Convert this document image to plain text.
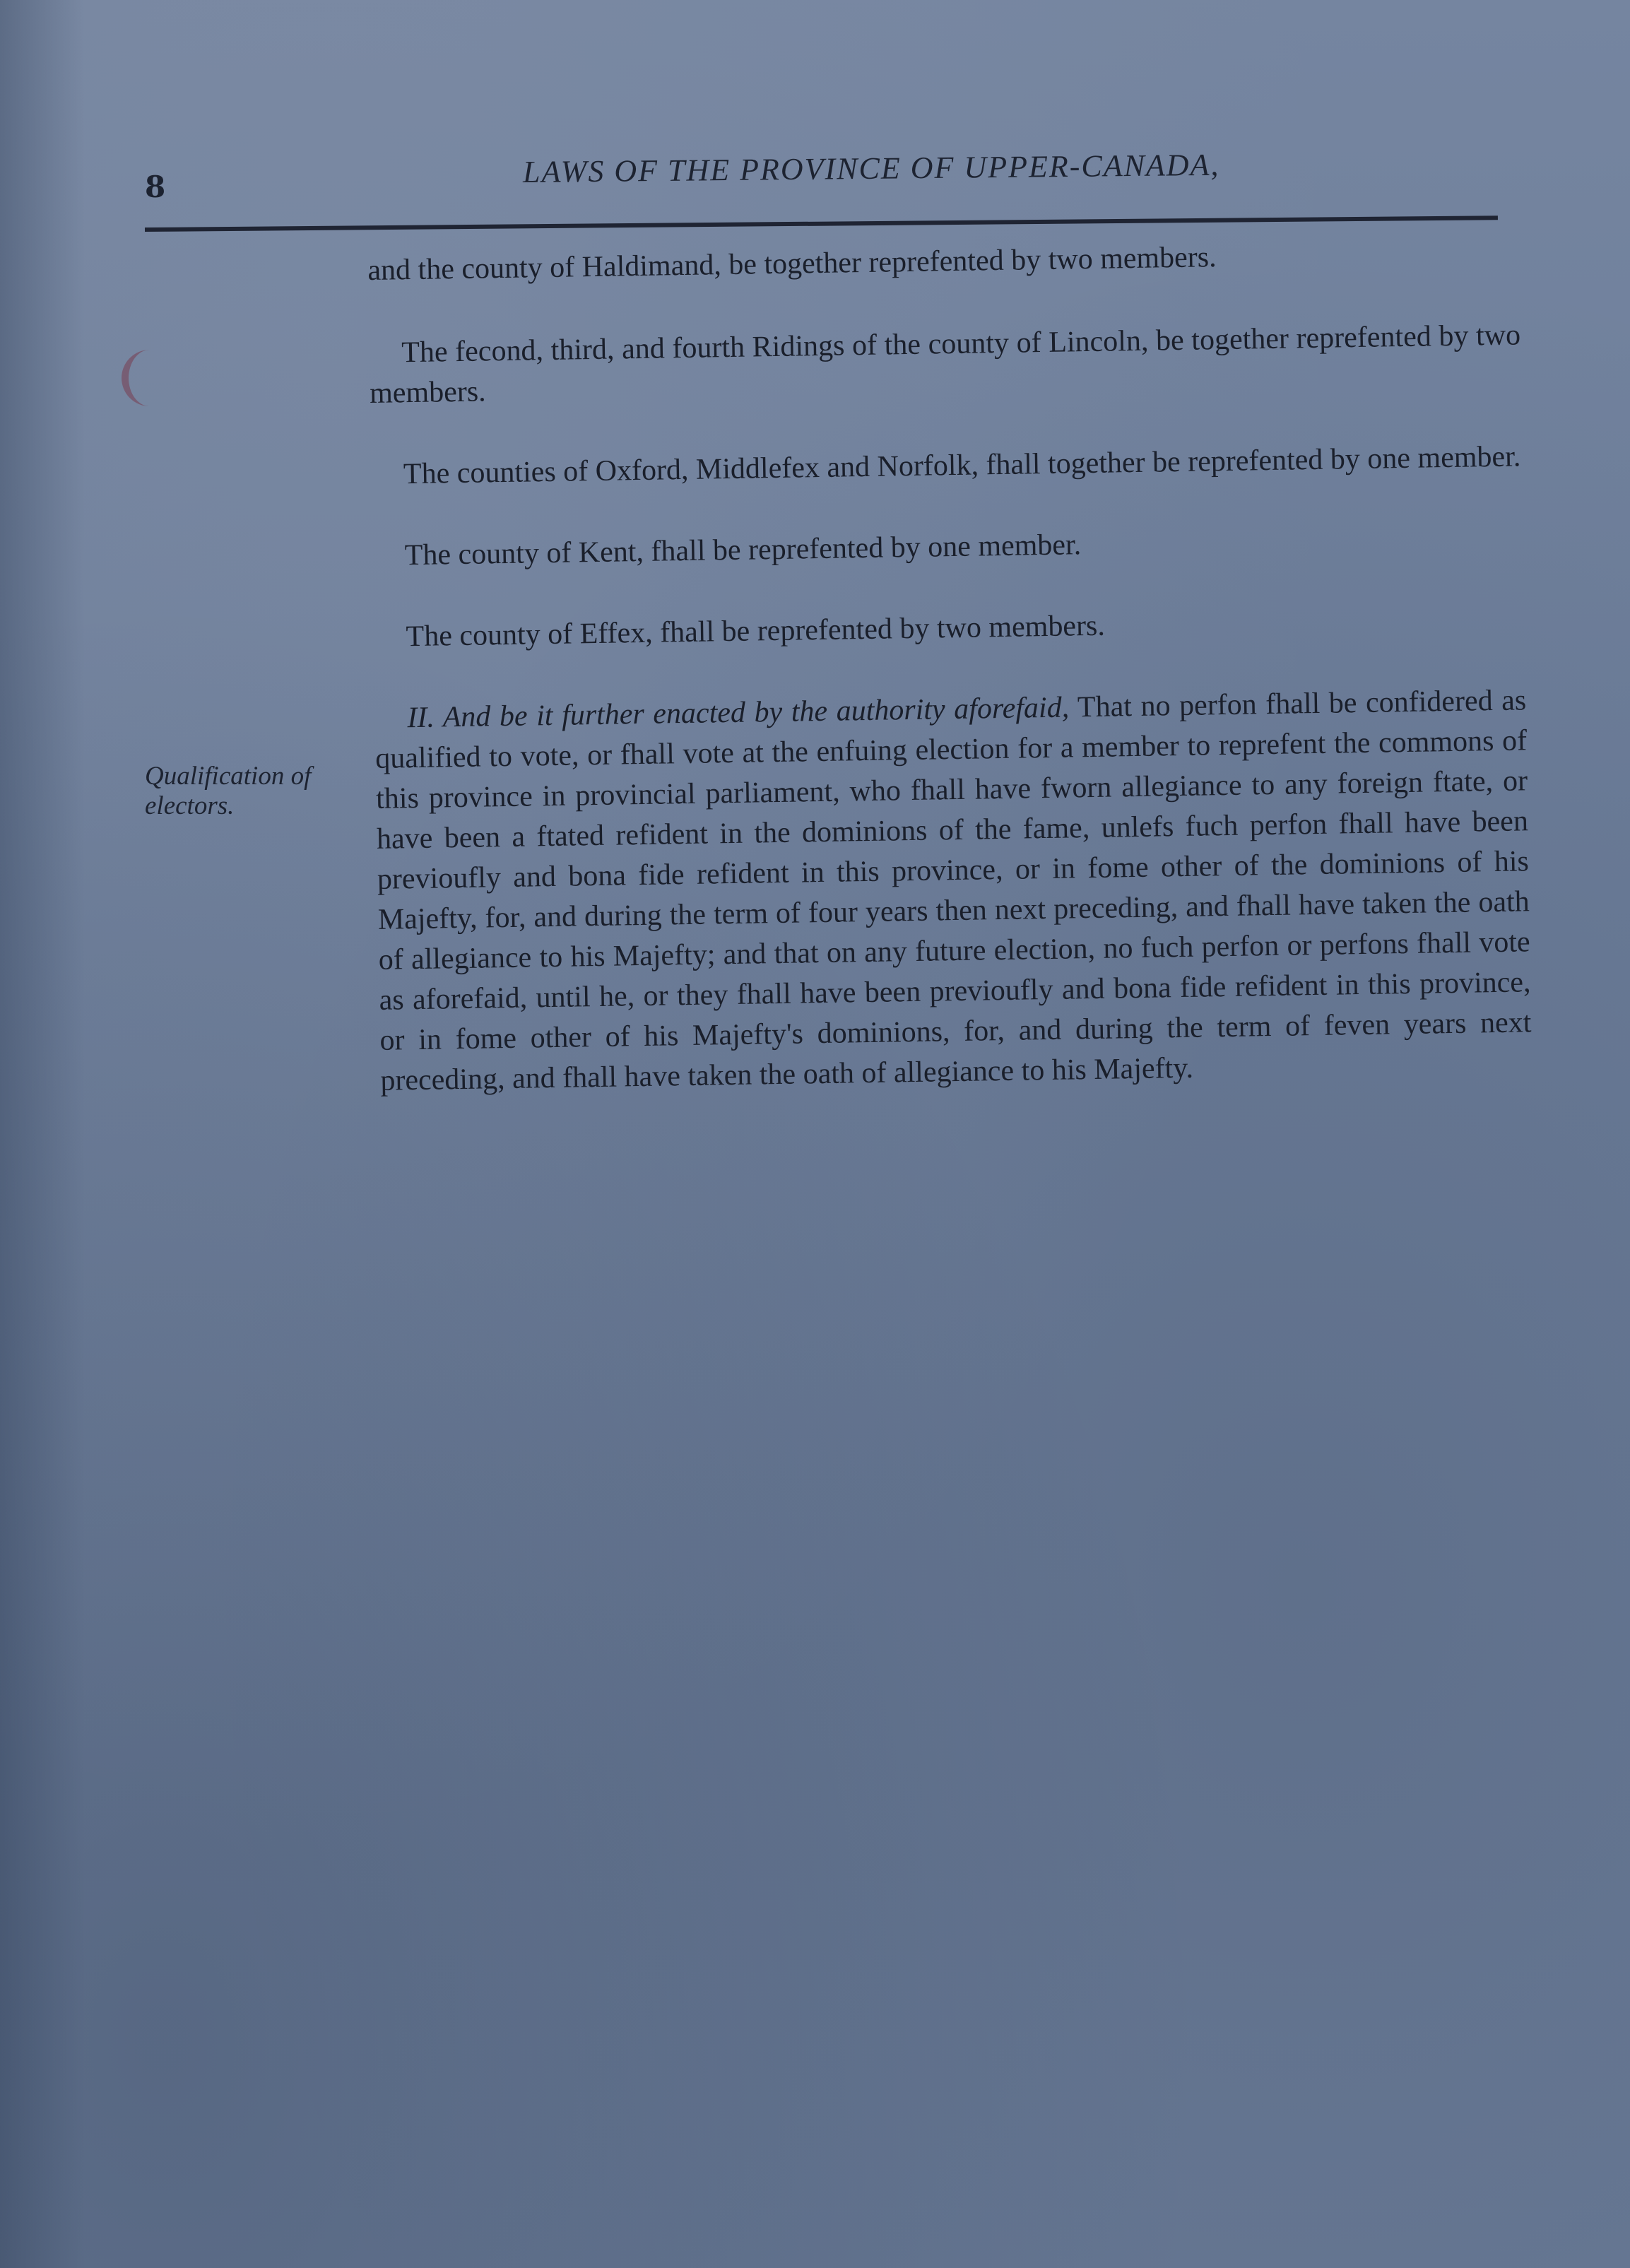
8	LAWS OF THE PROVINCE OF UPPER-CANADA,
Qualification of electors.

and the county of Haldimand, be together reprefented by two members.

The fecond, third, and fourth Ridings of the county of Lincoln, be together reprefented by two members.

The counties of Oxford, Middlefex and Norfolk, fhall together be reprefented by one member.

The county of Kent, fhall be reprefented by one member.

The county of Effex, fhall be reprefented by two members.

II. And be it further enacted by the authority aforefaid, That no perfon fhall be confidered as qualified to vote, or fhall vote at the enfuing election for a member to reprefent the commons of this province in provincial parliament, who fhall have fworn allegiance to any foreign ftate, or have been a ftated refident in the dominions of the fame, unlefs fuch perfon fhall have been previoufly and bona fide refident in this province, or in fome other of the dominions of his Majefty, for, and during the term of four years then next preceding, and fhall have taken the oath of allegiance to his Majefty; and that on any future election, no fuch perfon or perfons fhall vote as aforefaid, until he, or they fhall have been previoufly and bona fide refident in this province, or in fome other of his Majefty's dominions, for, and during the term of feven years next preceding, and fhall have taken the oath of allegiance to his Majefty.
